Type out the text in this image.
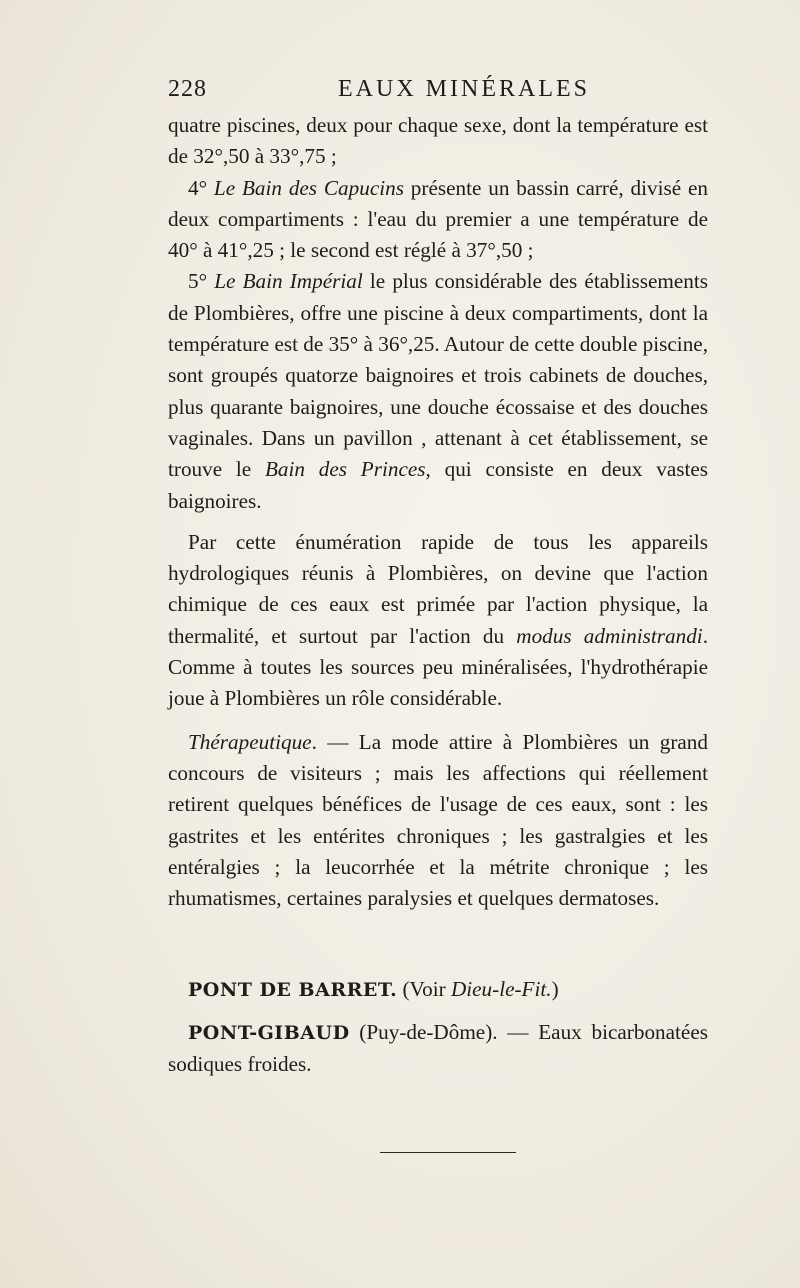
228	EAUX MINÉRALES

quatre piscines, deux pour chaque sexe, dont la température est de 32°,50 à 33°,75 ;

4° Le Bain des Capucins présente un bassin carré, divisé en deux compartiments : l'eau du premier a une température de 40° à 41°,25 ; le second est réglé à 37°,50 ;

5° Le Bain Impérial le plus considérable des établissements de Plombières, offre une piscine à deux compartiments, dont la température est de 35° à 36°,25. Autour de cette double piscine, sont groupés quatorze baignoires et trois cabinets de douches, plus quarante baignoires, une douche écossaise et des douches vaginales. Dans un pavillon , attenant à cet établissement, se trouve le Bain des Princes, qui consiste en deux vastes baignoires.

Par cette énumération rapide de tous les appareils hydrologiques réunis à Plombières, on devine que l'action chimique de ces eaux est primée par l'action physique, la thermalité, et surtout par l'action du modus administrandi. Comme à toutes les sources peu minéralisées, l'hydrothérapie joue à Plombières un rôle considérable.

Thérapeutique. — La mode attire à Plombières un grand concours de visiteurs ; mais les affections qui réellement retirent quelques bénéfices de l'usage de ces eaux, sont : les gastrites et les entérites chroniques ; les gastralgies et les entéralgies ; la leucorrhée et la métrite chronique ; les rhumatismes, certaines paralysies et quelques dermatoses.

PONT DE BARRET. (Voir Dieu-le-Fit.)

PONT-GIBAUD (Puy-de-Dôme). — Eaux bicarbonatées sodiques froides.
